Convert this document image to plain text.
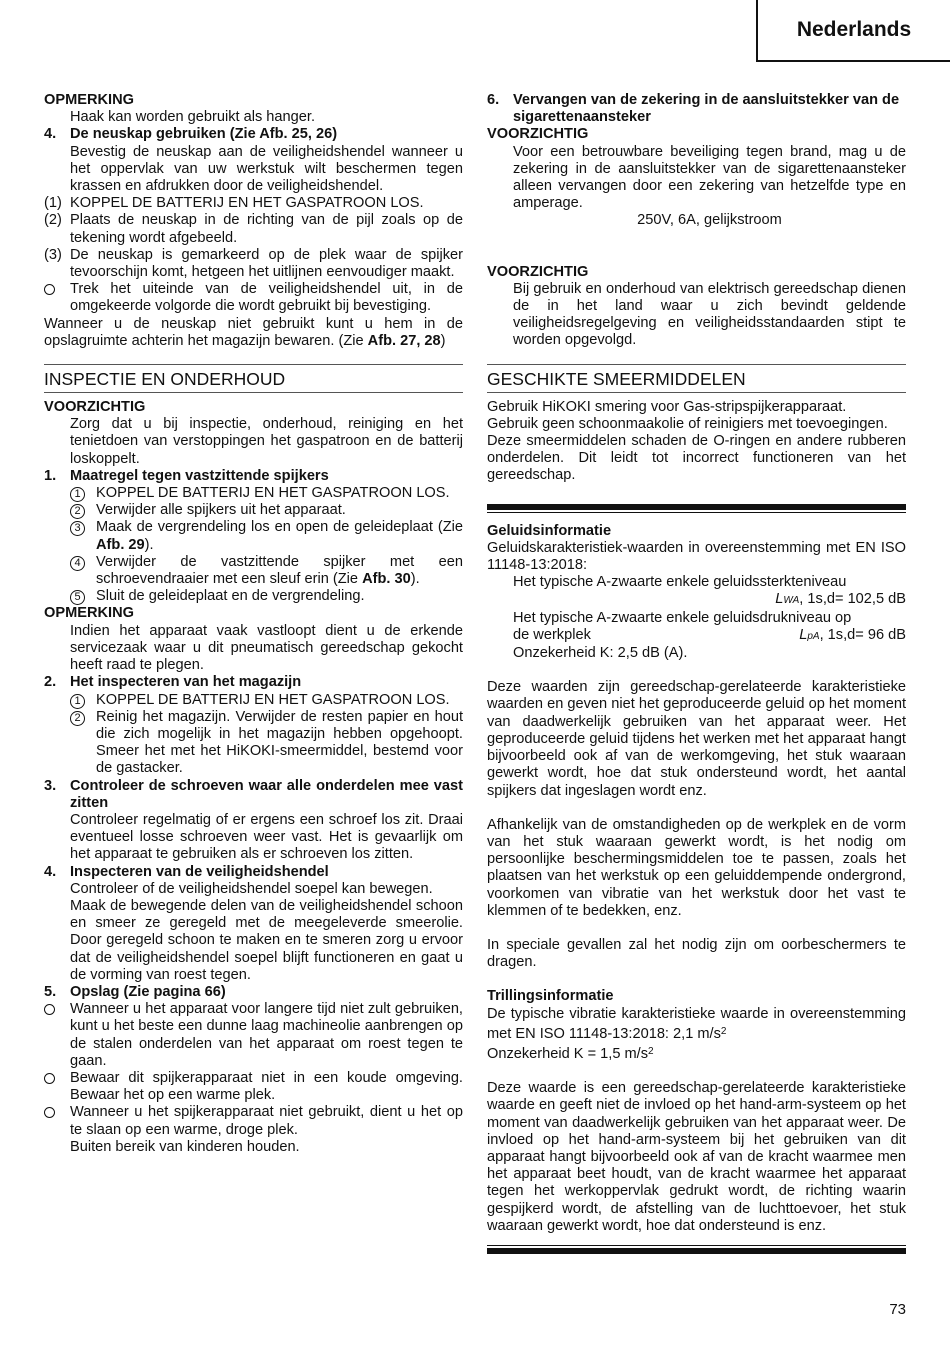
Nederlands
OPMERKING
Haak kan worden gebruikt als hanger.
4. De neuskap gebruiken (Zie Afb. 25, 26)
Bevestig de neuskap aan de veiligheidshendel wanneer u het oppervlak van uw werkstuk wilt beschermen tegen krassen en afdrukken door de veiligheidshendel.
(1) KOPPEL DE BATTERIJ EN HET GASPATROON LOS.
(2) Plaats de neuskap in de richting van de pijl zoals op de tekening wordt afgebeeld.
(3) De neuskap is gemarkeerd op de plek waar de spijker tevoorschijn komt, hetgeen het uitlijnen eenvoudiger maakt.
Trek het uiteinde van de veiligheidshendel uit, in de omgekeerde volgorde die wordt gebruikt bij bevestiging.
Wanneer u de neuskap niet gebruikt kunt u hem in de opslagruimte achterin het magazijn bewaren. (Zie Afb. 27, 28)
INSPECTIE EN ONDERHOUD
VOORZICHTIG
Zorg dat u bij inspectie, onderhoud, reiniging en het tenietdoen van verstoppingen het gaspatroon en de batterij loskoppelt.
1. Maatregel tegen vastzittende spijkers
1	KOPPEL DE BATTERIJ EN HET GASPATROON LOS.
2	Verwijder alle spijkers uit het apparaat.
3	Maak de vergrendeling los en open de geleideplaat (Zie Afb. 29).
4	Verwijder de vastzittende spijker met een schroevendraaier met een sleuf erin (Zie Afb. 30).
5	Sluit de geleideplaat en de vergrendeling.
OPMERKING
Indien het apparaat vaak vastloopt dient u de erkende servicezaak waar u dit pneumatisch gereedschap gekocht heeft raad te plegen.
2. Het inspecteren van het magazijn
1	KOPPEL DE BATTERIJ EN HET GASPATROON LOS.
2	Reinig het magazijn. Verwijder de resten papier en hout die zich mogelijk in het magazijn hebben opgehoopt. Smeer het met het HiKOKI-smeermiddel, bestemd voor de gastacker.
3. Controleer de schroeven waar alle onderdelen mee vast zitten
Controleer regelmatig of er ergens een schroef los zit. Draai eventueel losse schroeven weer vast. Het is gevaarlijk om het apparaat te gebruiken als er schroeven los zitten.
4. Inspecteren van de veiligheidshendel
Controleer of de veiligheidshendel soepel kan bewegen.
Maak de bewegende delen van de veiligheidshendel schoon en smeer ze geregeld met de meegeleverde smeerolie. Door geregeld schoon te maken en te smeren zorg u ervoor dat de veiligheidshendel soepel blijft functioneren en gaat u de vorming van roest tegen.
5. Opslag (Zie pagina 66)
Wanneer u het apparaat voor langere tijd niet zult gebruiken, kunt u het beste een dunne laag machineolie aanbrengen op de stalen onderdelen van het apparaat om roest tegen te gaan.
Bewaar dit spijkerapparaat niet in een koude omgeving. Bewaar het op een warme plek.
Wanneer u het spijkerapparaat niet gebruikt, dient u het op te slaan op een warme, droge plek.
Buiten bereik van kinderen houden.
6. Vervangen van de zekering in de aansluitstekker van de sigarettenaansteker
VOORZICHTIG
Voor een betrouwbare beveiliging tegen brand, mag u de zekering in de aansluitstekker van de sigarettenaansteker alleen vervangen door een zekering van hetzelfde type en amperage.
250V, 6A, gelijkstroom
VOORZICHTIG
Bij gebruik en onderhoud van elektrisch gereedschap dienen de in het land waar u zich bevindt geldende veiligheidsregelgeving en veiligheidsstandaarden stipt te worden opgevolgd.
GESCHIKTE SMEERMIDDELEN
Gebruik HiKOKI smering voor Gas-stripspijkerapparaat.
Gebruik geen schoonmaakolie of reinigiers met toevoegingen.
Deze smeermiddelen schaden de O-ringen en andere rubberen onderdelen. Dit leidt tot incorrect functioneren van het gereedschap.
Geluidsinformatie
Geluidskarakteristiek-waarden in overeenstemming met EN ISO 11148-13:2018:
Het typische A-zwaarte enkele geluidssterkteniveau
LWA, 1s,d= 102,5 dB
Het typische A-zwaarte enkele geluidsdrukniveau op
de werkplek	LpA, 1s,d= 96 dB
Onzekerheid K: 2,5 dB (A).
Deze waarden zijn gereedschap-gerelateerde karakteristieke waarden en geven niet het geproduceerde geluid op het moment van daadwerkelijk gebruiken van het apparaat weer. Het geproduceerde geluid tijdens het werken met het apparaat hangt bijvoorbeeld ook af van de werkomgeving, het stuk waaraan gewerkt wordt, hoe dat stuk ondersteund wordt, het aantal spijkers dat ingeslagen wordt enz.
Afhankelijk van de omstandigheden op de werkplek en de vorm van het stuk waaraan gewerkt wordt, is het nodig om persoonlijke beschermingsmiddelen toe te passen, zoals het plaatsen van het werkstuk op een geluiddempende ondergrond, voorkomen van vibratie van het werkstuk door het vast te klemmen of te bedekken, enz.
In speciale gevallen zal het nodig zijn om oorbeschermers te dragen.
Trillingsinformatie
De typische vibratie karakteristieke waarde in overeenstemming met EN ISO 11148-13:2018: 2,1 $m/s^2$
Onzekerheid K = 1,5 $m/s^2$
Deze waarde is een gereedschap-gerelateerde karakteristieke waarde en geeft niet de invloed op het hand-arm-systeem op het moment van daadwerkelijk gebruiken van het apparaat weer. De invloed op het hand-arm-systeem bij het gebruiken van dit apparaat hangt bijvoorbeeld ook af van de kracht waarmee men het apparaat beet houdt, van de kracht waarmee het apparaat tegen het werkoppervlak gedrukt wordt, de richting waarin gespijkerd wordt, de afstelling van de luchttoevoer, het stuk waaraan gewerkt wordt, hoe dat ondersteund is enz.
73
